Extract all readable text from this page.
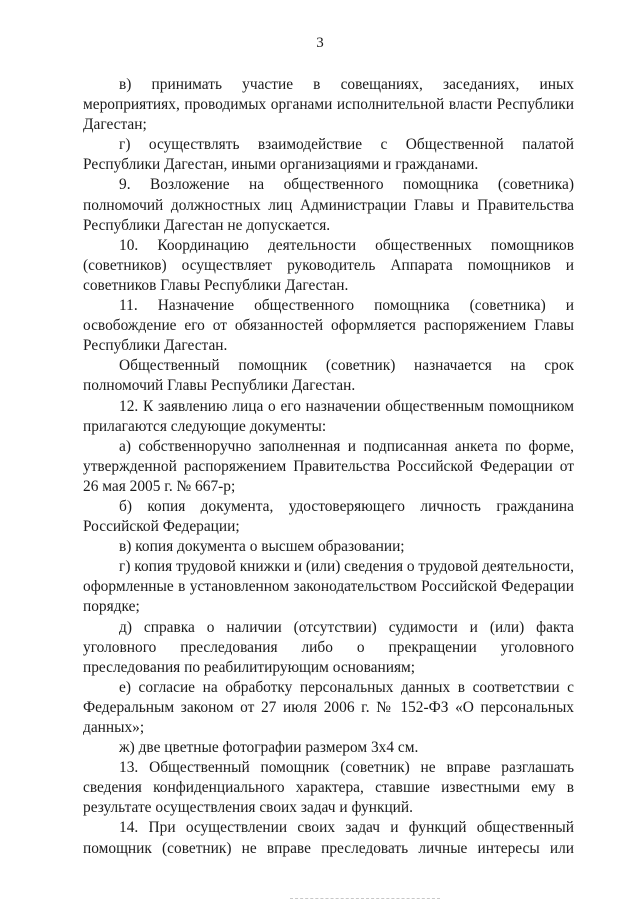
3

в) принимать участие в совещаниях, заседаниях, иных мероприятиях, проводимых органами исполнительной власти Республики Дагестан;

г) осуществлять взаимодействие с Общественной палатой Республики Дагестан, иными организациями и гражданами.

9. Возложение на общественного помощника (советника) полномочий должностных лиц Администрации Главы и Правительства Республики Дагестан не допускается.

10. Координацию деятельности общественных помощников (советников) осуществляет руководитель Аппарата помощников и советников Главы Республики Дагестан.

11. Назначение общественного помощника (советника) и освобождение его от обязанностей оформляется распоряжением Главы Республики Дагестан.

Общественный помощник (советник) назначается на срок полномочий Главы Республики Дагестан.

12. К заявлению лица о его назначении общественным помощником прилагаются следующие документы:

а) собственноручно заполненная и подписанная анкета по форме, утвержденной распоряжением Правительства Российской Федерации от 26 мая 2005 г. № 667-р;

б) копия документа, удостоверяющего личность гражданина Российской Федерации;

в) копия документа о высшем образовании;

г) копия трудовой книжки и (или) сведения о трудовой деятельности, оформленные в установленном законодательством Российской Федерации порядке;

д) справка о наличии (отсутствии) судимости и (или) факта уголовного преследования либо о прекращении уголовного преследования по реабилитирующим основаниям;

е) согласие на обработку персональных данных в соответствии с Федеральным законом от 27 июля 2006 г. № 152-ФЗ «О персональных данных»;

ж) две цветные фотографии размером 3х4 см.

13. Общественный помощник (советник) не вправе разглашать сведения конфиденциального характера, ставшие известными ему в результате осуществления своих задач и функций.

14. При осуществлении своих задач и функций общественный помощник (советник) не вправе преследовать личные интересы или
